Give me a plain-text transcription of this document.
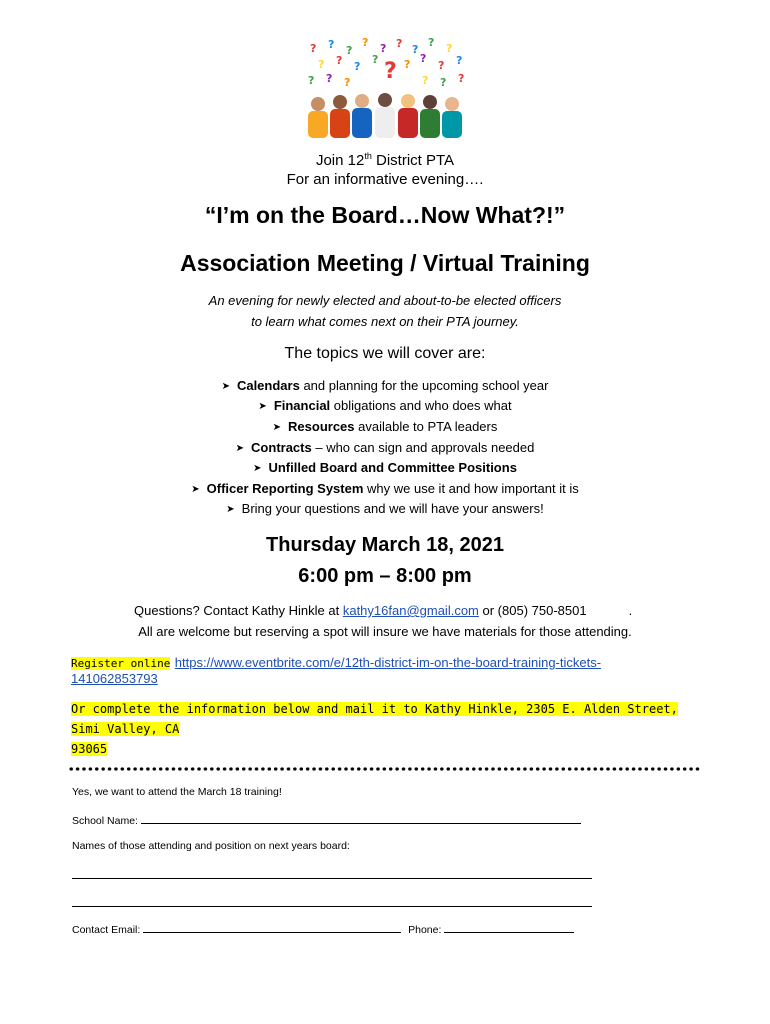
? ? ?
? ? ? ?
? ?
? ? ?
? ? ?
? ?
? ? ?	? ? ?
?
Join 12th District PTA
For an informative evening….
“I’m on the Board…Now What?!”
Association Meeting / Virtual Training
An evening for newly elected and about-to-be elected officers
to learn what comes next on their PTA journey.
The topics we will cover are:
➤ Calendars and planning for the upcoming school year
➤ Financial obligations and who does what
➤ Resources available to PTA leaders
➤ Contracts – who can sign and approvals needed
➤ Unfilled Board and Committee Positions
➤ Officer Reporting System why we use it and how important it is
➤ Bring your questions and we will have your answers!
Thursday March 18, 2021
6:00 pm – 8:00 pm
Questions? Contact Kathy Hinkle at kathy16fan@gmail.com or (805) 750-8501	.
All are welcome but reserving a spot will insure we have materials for those attending.
Register online https://www.eventbrite.com/e/12th-district-im-on-the-board-training-tickets-
141062853793
Or complete the information below and mail it to Kathy Hinkle, 2305 E. Alden Street, Simi Valley, CA
93065
Yes, we want to attend the March 18 training!
School Name:
Names of those attending and position on next years board:
Contact Email:	Phone:
